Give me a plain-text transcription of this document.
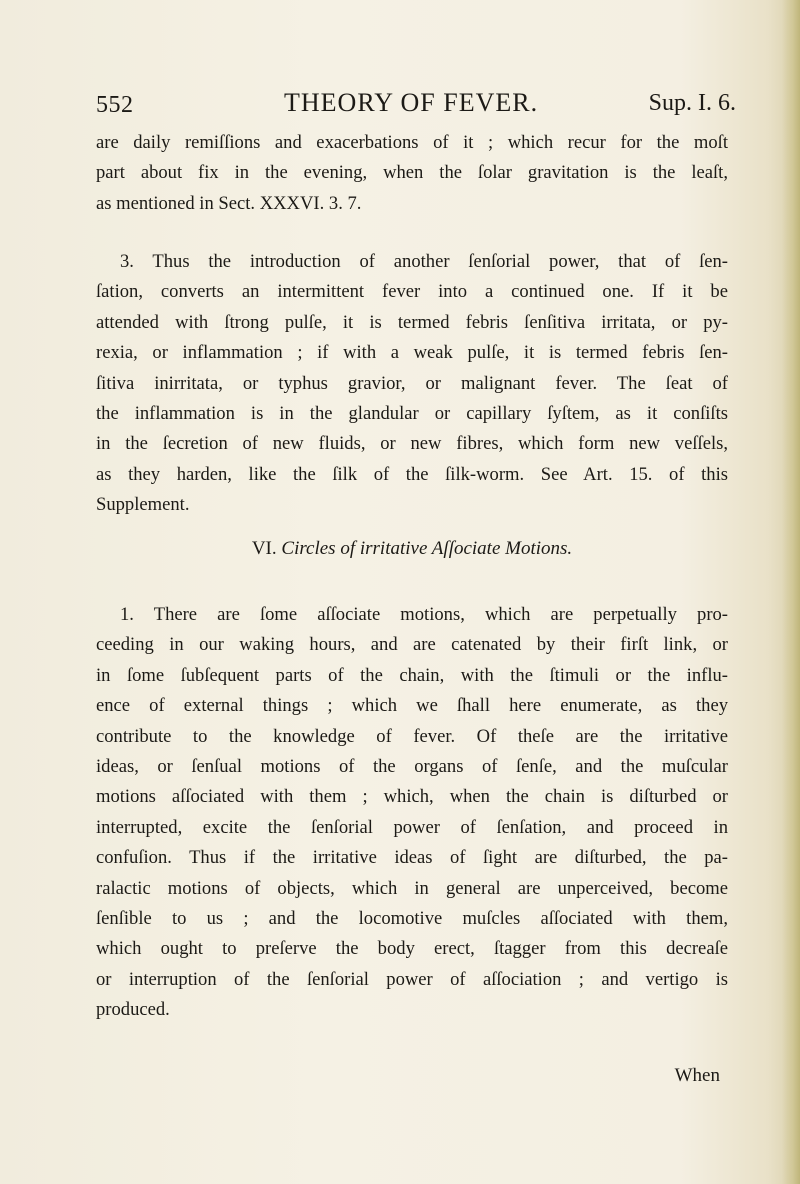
552	THEORY OF FEVER.	Sup. I. 6.
are daily remiſſions and exacerbations of it ; which recur for the moſt
part about fix in the evening, when the ſolar gravitation is the leaſt,
as mentioned in Sect. XXXVI. 3. 7.
3. Thus the introduction of another ſenſorial power, that of ſen-
ſation, converts an intermittent fever into a continued one. If it be
attended with ſtrong pulſe, it is termed febris ſenſitiva irritata, or py-
rexia, or inflammation ; if with a weak pulſe, it is termed febris ſen-
ſitiva inirritata, or typhus gravior, or malignant fever. The ſeat of
the inflammation is in the glandular or capillary ſyſtem, as it conſiſts
in the ſecretion of new fluids, or new fibres, which form new veſſels,
as they harden, like the ſilk of the ſilk-worm. See Art. 15. of this
Supplement.
VI. Circles of irritative Aſſociate Motions.
1. There are ſome aſſociate motions, which are perpetually pro-
ceeding in our waking hours, and are catenated by their firſt link, or
in ſome ſubſequent parts of the chain, with the ſtimuli or the influ-
ence of external things ; which we ſhall here enumerate, as they
contribute to the knowledge of fever. Of theſe are the irritative
ideas, or ſenſual motions of the organs of ſenſe, and the muſcular
motions aſſociated with them ; which, when the chain is diſturbed or
interrupted, excite the ſenſorial power of ſenſation, and proceed in
confuſion. Thus if the irritative ideas of ſight are diſturbed, the pa-
ralactic motions of objects, which in general are unperceived, become
ſenſible to us ; and the locomotive muſcles aſſociated with them,
which ought to preſerve the body erect, ſtagger from this decreaſe
or interruption of the ſenſorial power of aſſociation ; and vertigo is
produced.
When
